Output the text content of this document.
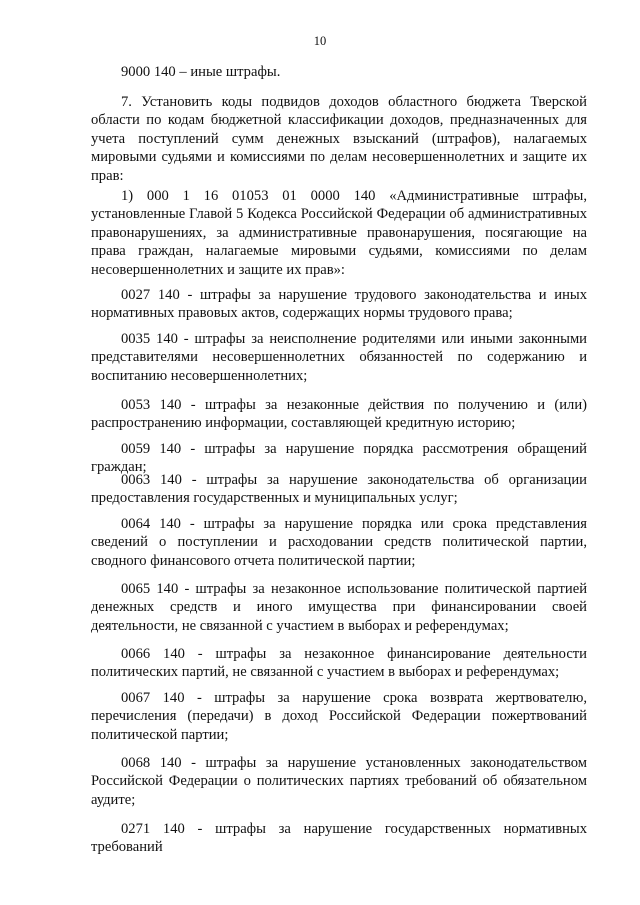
10

9000 140 – иные штрафы.

7. Установить коды подвидов доходов областного бюджета Тверской области по кодам бюджетной классификации доходов, предназначенных для учета поступлений сумм денежных взысканий (штрафов), налагаемых мировыми судьями и комиссиями по делам несовершеннолетних и защите их прав:

1) 000 1 16 01053 01 0000 140 «Административные штрафы, установленные Главой 5 Кодекса Российской Федерации об административных правонарушениях, за административные правонарушения, посягающие на права граждан, налагаемые мировыми судьями, комиссиями по делам несовершеннолетних и защите их прав»:

0027 140 - штрафы за нарушение трудового законодательства и иных нормативных правовых актов, содержащих нормы трудового права;

0035 140 - штрафы за неисполнение родителями или иными законными представителями несовершеннолетних обязанностей по содержанию и воспитанию несовершеннолетних;

0053 140 - штрафы за незаконные действия по получению и (или) распространению информации, составляющей кредитную историю;

0059 140 - штрафы за нарушение порядка рассмотрения обращений граждан;

0063 140 - штрафы за нарушение законодательства об организации предоставления государственных и муниципальных услуг;

0064 140 - штрафы за нарушение порядка или срока представления сведений о поступлении и расходовании средств политической партии, сводного финансового отчета политической партии;

0065 140 - штрафы за незаконное использование политической партией денежных средств и иного имущества при финансировании своей деятельности, не связанной с участием в выборах и референдумах;

0066 140 - штрафы за незаконное финансирование деятельности политических партий, не связанной с участием в выборах и референдумах;

0067 140 - штрафы за нарушение срока возврата жертвователю, перечисления (передачи) в доход Российской Федерации пожертвований политической партии;

0068 140 - штрафы за нарушение установленных законодательством Российской Федерации о политических партиях требований об обязательном аудите;

0271 140 - штрафы за нарушение государственных нормативных требований
